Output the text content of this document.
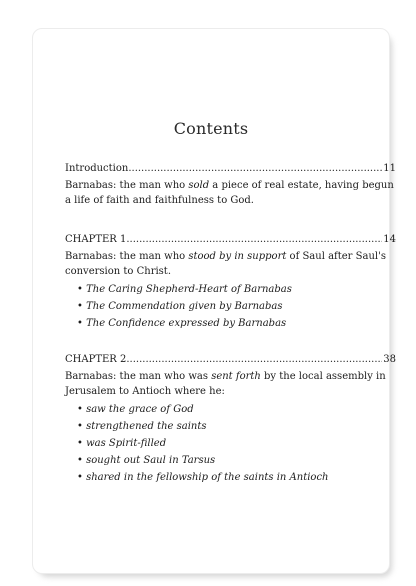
Contents
Introduction .....	11
Barnabas: the man who sold a piece of real estate, having begun a life of faith and faithfulness to God.
CHAPTER 1 .....	14
Barnabas: the man who stood by in support of Saul after Saul's conversion to Christ.
• The Caring Shepherd-Heart of Barnabas
• The Commendation given by Barnabas
• The Confidence expressed by Barnabas
CHAPTER 2 .....	38
Barnabas: the man who was sent forth by the local assembly in Jerusalem to Antioch where he:
• saw the grace of God
• strengthened the saints
• was Spirit-filled
• sought out Saul in Tarsus
• shared in the fellowship of the saints in Antioch
